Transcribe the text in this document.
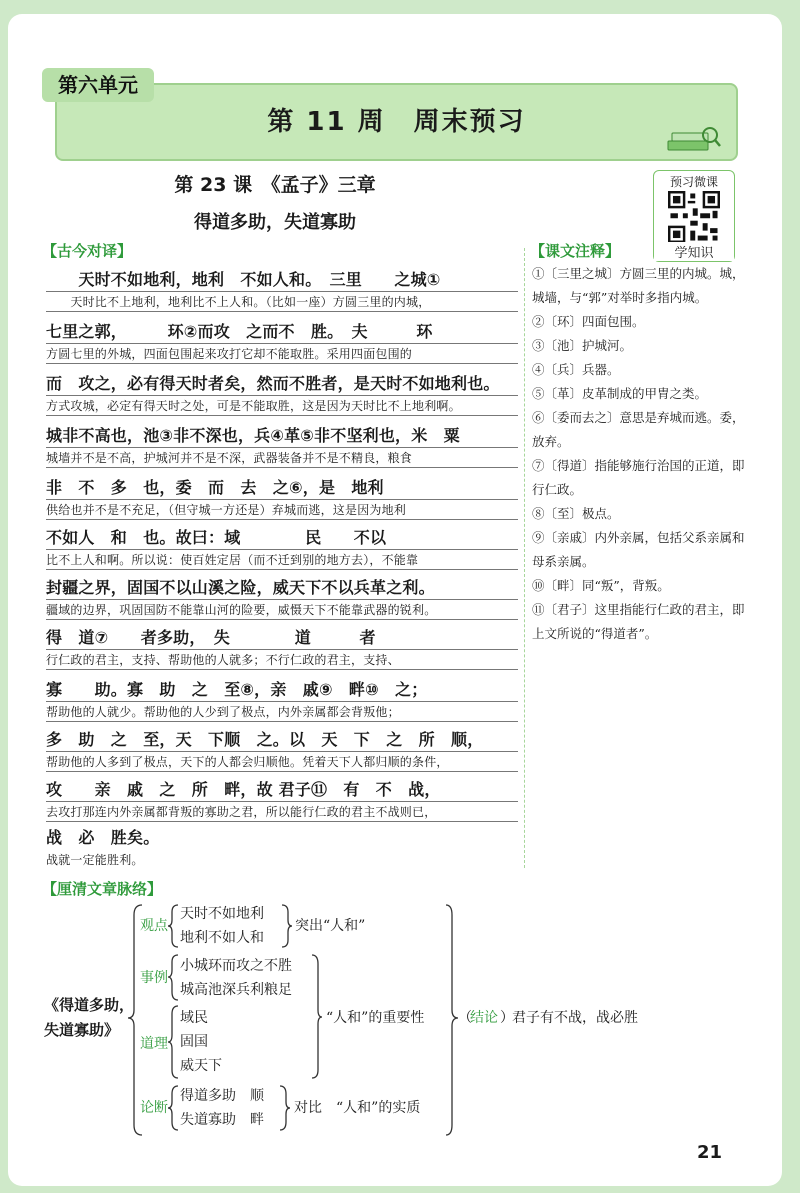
第 11 周　周末预习
第六单元
第 23 课　《孟子》三章
得道多助，失道寡助
预习微课
学知识
【古今对译】	【课文注释】
　　天时不如地利，地利　不如人和。　三里　　之城①
　　天时比不上地利，地利比不上人和。（比如一座）方圆三里的内城，
七里之郭，　　　环②而攻　之而不　胜。　夫　　　环
方圆七里的外城，四面包围起来攻打它却不能取胜。采用四面包围的
而　攻之，必有得天时者矣，然而不胜者，是天时不如地利也。
方式攻城，必定有得天时之处，可是不能取胜，这是因为天时比不上地利啊。
城非不高也，池③非不深也，兵④革⑤非不坚利也，米　粟
城墙并不是不高，护城河并不是不深，武器装备并不是不精良，粮食
非　不　多　也，委　而　去　之⑥，是　地利
供给也并不是不充足，（但守城一方还是）弃城而逃，这是因为地利
不如人　和　也。故曰：域　　　　民　　不以
比不上人和啊。所以说：使百姓定居（而不迁到别的地方去），不能靠
封疆之界，固国不以山溪之险，威天下不以兵革之利。
疆域的边界，巩固国防不能靠山河的险要，威慑天下不能靠武器的锐利。
得　道⑦　　者多助，　失　　　　道　　　者
行仁政的君主，支持、帮助他的人就多；不行仁政的君主，支持、
寡　　助。寡　助　之　至⑧，亲　戚⑨　畔⑩　之；
帮助他的人就少。帮助他的人少到了极点，内外亲属都会背叛他；
多　助　之　至，天　下顺　之。以　天　下　之　所　顺，
帮助他的人多到了极点，天下的人都会归顺他。凭着天下人都归顺的条件，
攻　　亲　戚　之　所　畔，故 君子⑪　有　不　战，
去攻打那连内外亲属都背叛的寡助之君，所以能行仁政的君主不战则已，
战　必　胜矣。
战就一定能胜利。
①〔三里之城〕方圆三里的内城。城，城墙，与“郭”对举时多指内城。
②〔环〕四面包围。
③〔池〕护城河。
④〔兵〕兵器。
⑤〔革〕皮革制成的甲胄之类。
⑥〔委而去之〕意思是弃城而逃。委，放弃。
⑦〔得道〕指能够施行治国的正道，即行仁政。
⑧〔至〕极点。
⑨〔亲戚〕内外亲属，包括父系亲属和母系亲属。
⑩〔畔〕同“叛”，背叛。
⑪〔君子〕这里指能行仁政的君主，即上文所说的“得道者”。
【厘清文章脉络】
《得道多助，
失道寡助》
观点
天时不如地利
地利不如人和
突出“人和”
事例
小城环而攻之不胜
城高池深兵利粮足
道理
域民
固国
威天下
“人和”的重要性 （
结论 ）
君子有不战，战必胜
论断
得道多助　顺
失道寡助　畔
对比　“人和”的实质
21
